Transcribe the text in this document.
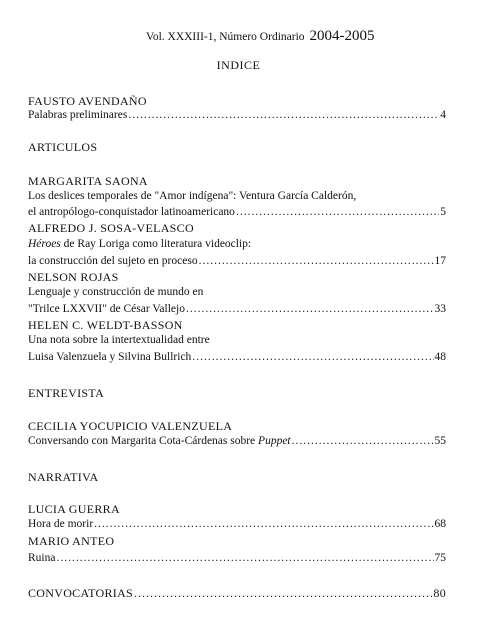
Vol. XXXIII-1, Número Ordinario 2004-2005
INDICE
FAUSTO AVENDAÑO
Palabras preliminares .....	4
ARTICULOS
MARGARITA SAONA
Los deslices temporales de "Amor indígena": Ventura García Calderón,
el antropólogo-conquistador latinoamericano .....	5
ALFREDO J. SOSA-VELASCO
Héroes de Ray Loriga como literatura videoclip:
la construcción del sujeto en proceso .....	17
NELSON ROJAS
Lenguaje y construcción de mundo en
"Trilce LXXVII" de César Vallejo .....	33
HELEN C. WELDT-BASSON
Una nota sobre la intertextualidad entre
Luisa Valenzuela y Silvina Bullrich .....	48
ENTREVISTA
CECILIA YOCUPICIO VALENZUELA
Conversando con Margarita Cota-Cárdenas sobre Puppet .....	55
NARRATIVA
LUCIA GUERRA
Hora de morir .....	68
MARIO ANTEO
Ruina .....	75
CONVOCATORIAS .....	80
